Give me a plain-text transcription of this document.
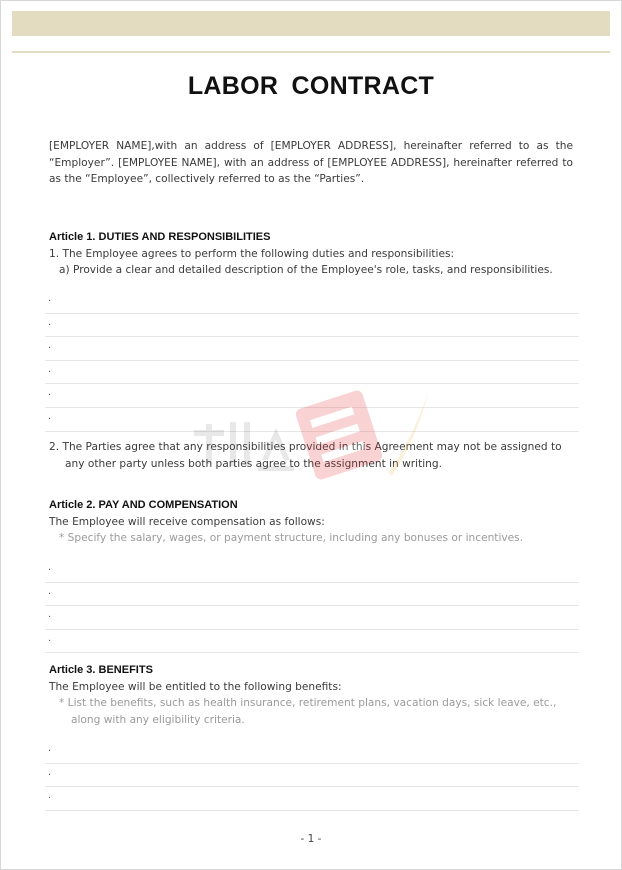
LABOR CONTRACT
[EMPLOYER NAME],with an address of [EMPLOYER ADDRESS], hereinafter referred to as the “Employer”. [EMPLOYEE NAME], with an address of [EMPLOYEE ADDRESS], hereinafter referred to as the “Employee”, collectively referred to as the “Parties”.
Article 1. DUTIES AND RESPONSIBILITIES
1. The Employee agrees to perform the following duties and responsibilities:
a) Provide a clear and detailed description of the Employee's role, tasks, and responsibilities.
.
.
.
.
.
.
2. The Parties agree that any responsibilities provided in this Agreement may not be assigned to
any other party unless both parties agree to the assignment in writing.
Article 2. PAY AND COMPENSATION
The Employee will receive compensation as follows:
* Specify the salary, wages, or payment structure, including any bonuses or incentives.
.
.
.
.
Article 3. BENEFITS
The Employee will be entitled to the following benefits:
* List the benefits, such as health insurance, retirement plans, vacation days, sick leave, etc.,
along with any eligibility criteria.
.
.
.
- 1 -
